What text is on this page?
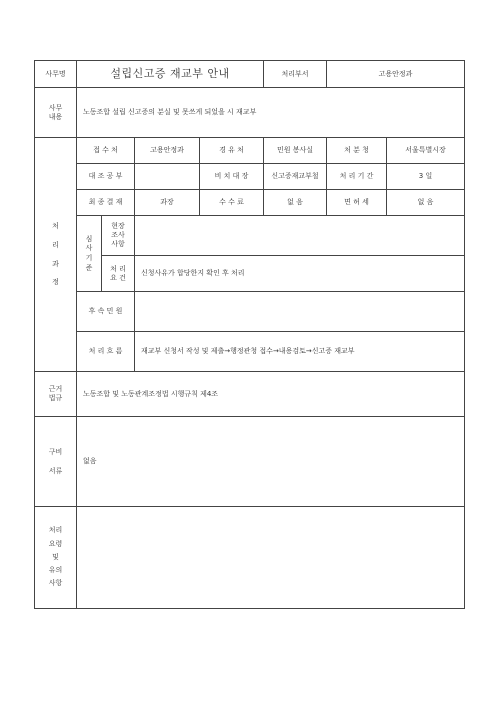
사무명	설립신고증 재교부 안내				처리부서	고용안정과	

사무
내용	노동조합 설립 신고증의 분실 및 못쓰게 되었을 시 재교부						

처
리
과
정	접 수 처		고용안정과	경 유 처	민원 봉사실	처 분 청	서울특별시장
	대 조 공 부			비 치 대 장	신고증재교부철	처 리 기 간	3 일
	최 종 결 재		과장	수 수 료	없 음	면 허 세	없 음

	심
사
기
준	현장
조사
사항					

		처 리
요 건	신청사유가 합당한지 확인 후 처리				
	후 속 민 원						
	처 리 흐 름		재교부 신청서 작성 및 제출→행정관청 접수→내용검토→신고증 재교부				

근거
법규	노동조합 및 노동관계조정법 시행규칙 제4조						

구비
서류	없음						

처리
요령
및
유의
사항							
